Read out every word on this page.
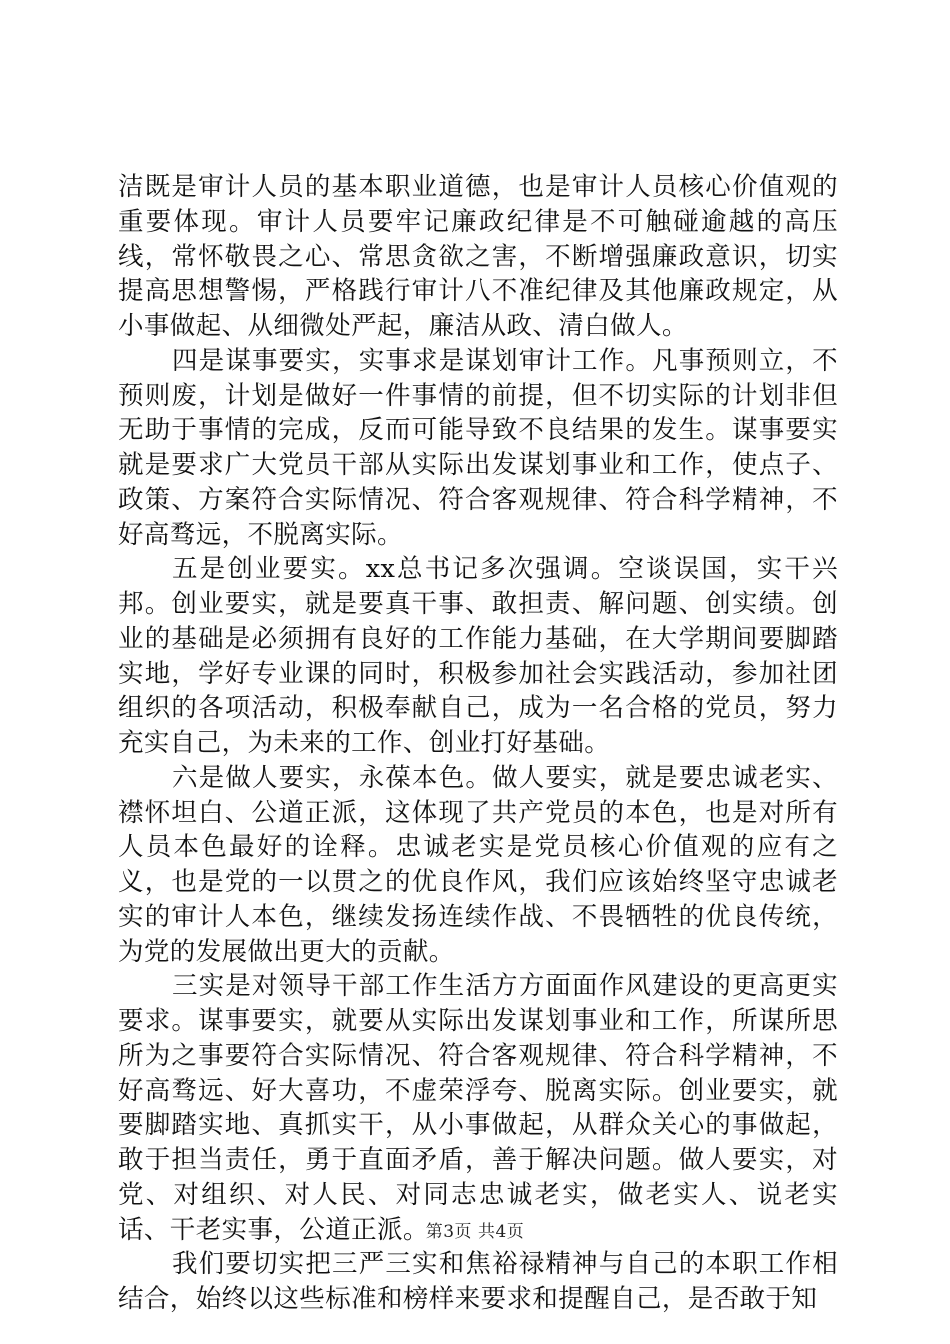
洁既是审计人员的基本职业道德，也是审计人员核心价值观的重要体现。审计人员要牢记廉政纪律是不可触碰逾越的高压线，常怀敬畏之心、常思贪欲之害，不断增强廉政意识，切实提高思想警惕，严格践行审计八不准纪律及其他廉政规定，从小事做起、从细微处严起，廉洁从政、清白做人。

四是谋事要实，实事求是谋划审计工作。凡事预则立，不预则废，计划是做好一件事情的前提，但不切实际的计划非但无助于事情的完成，反而可能导致不良结果的发生。谋事要实就是要求广大党员干部从实际出发谋划事业和工作，使点子、政策、方案符合实际情况、符合客观规律、符合科学精神，不好高骛远，不脱离实际。

五是创业要实。xx总书记多次强调。空谈误国，实干兴邦。创业要实，就是要真干事、敢担责、解问题、创实绩。创业的基础是必须拥有良好的工作能力基础，在大学期间要脚踏实地，学好专业课的同时，积极参加社会实践活动，参加社团组织的各项活动，积极奉献自己，成为一名合格的党员，努力充实自己，为未来的工作、创业打好基础。

六是做人要实，永葆本色。做人要实，就是要忠诚老实、襟怀坦白、公道正派，这体现了共产党员的本色，也是对所有人员本色最好的诠释。忠诚老实是党员核心价值观的应有之义，也是党的一以贯之的优良作风，我们应该始终坚守忠诚老实的审计人本色，继续发扬连续作战、不畏牺牲的优良传统，为党的发展做出更大的贡献。

三实是对领导干部工作生活方方面面作风建设的更高更实要求。谋事要实，就要从实际出发谋划事业和工作，所谋所思所为之事要符合实际情况、符合客观规律、符合科学精神，不好高骛远、好大喜功，不虚荣浮夸、脱离实际。创业要实，就要脚踏实地、真抓实干，从小事做起，从群众关心的事做起，敢于担当责任，勇于直面矛盾，善于解决问题。做人要实，对党、对组织、对人民、对同志忠诚老实，做老实人、说老实话、干老实事，公道正派。

我们要切实把三严三实和焦裕禄精神与自己的本职工作相结合，始终以这些标准和榜样来要求和提醒自己，是否敢于知

第3页 共4页
